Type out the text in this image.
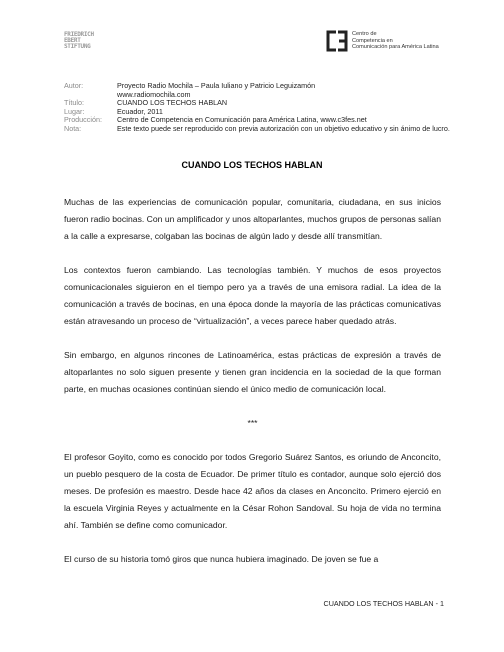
FRIEDRICH
EBERT
STIFTUNG
Centro de
Competencia en
Comunicación para América Latina
Autor:	Proyecto Radio Mochila – Paula Iuliano y Patricio Leguizamón
	www.radiomochila.com
Título:	CUANDO LOS TECHOS HABLAN
Lugar:	Ecuador, 2011
Producción:	Centro de Competencia en Comunicación para América Latina, www.c3fes.net
Nota:	Este texto puede ser reproducido con previa autorización con un objetivo educativo y sin ánimo de lucro.
CUANDO LOS TECHOS HABLAN

Muchas de las experiencias de comunicación popular, comunitaria, ciudadana, en sus inicios fueron radio bocinas. Con un amplificador y unos altoparlantes, muchos grupos de personas salían a la calle a expresarse, colgaban las bocinas de algún lado y desde allí transmitían.

Los contextos fueron cambiando. Las tecnologías también. Y muchos de esos proyectos comunicacionales siguieron en el tiempo pero ya a través de una emisora radial. La idea de la comunicación a través de bocinas, en una época donde la mayoría de las prácticas comunicativas están atravesando un proceso de “virtualización”, a veces parece haber quedado atrás.

Sin embargo, en algunos rincones de Latinoamérica, estas prácticas de expresión a través de altoparlantes no solo siguen presente y tienen gran incidencia en la sociedad de la que forman parte, en muchas ocasiones continúan siendo el único medio de comunicación local.

***

El profesor Goyito, como es conocido por todos Gregorio Suárez Santos, es oriundo de Anconcito, un pueblo pesquero de la costa de Ecuador. De primer título es contador, aunque solo ejerció dos meses. De profesión es maestro. Desde hace 42 años da clases en Anconcito. Primero ejerció en la escuela Virginia Reyes y actualmente en la César Rohon Sandoval. Su hoja de vida no termina ahí. También se define como comunicador.

El curso de su historia tomó giros que nunca hubiera imaginado. De joven se fue a

CUANDO LOS TECHOS HABLAN - 1
